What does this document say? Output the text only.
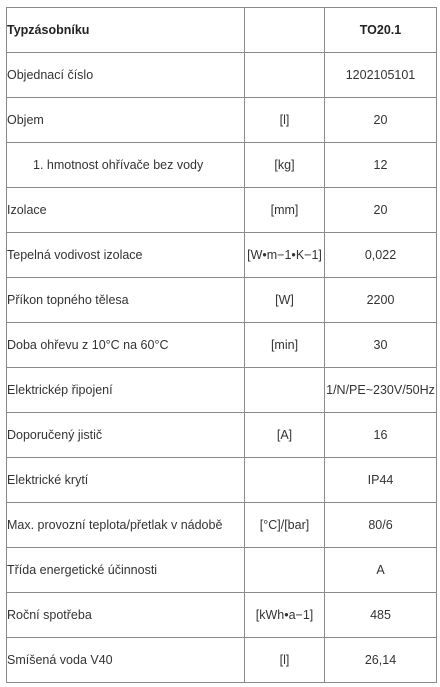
Typzásobníku		TO20.1
Objednací číslo		1202105101
Objem	[l]	20
1. hmotnost ohřívače bez vody	[kg]	12
Izolace	[mm]	20
Tepelná vodivost izolace	[W•m−1•K−1]	0,022
Příkon topného tělesa	[W]	2200
Doba ohřevu z 10°C na 60°C	[min]	30
Elektrickép řipojení		1/N/PE~230V/50Hz
Doporučený jistič	[A]	16
Elektrické krytí		IP44
Max. provozní teplota/přetlak v nádobě	[°C]/[bar]	80/6
Třída energetické účinnosti		A
Roční spotřeba	[kWh•a−1]	485
Smíšená voda V40	[l]	26,14
